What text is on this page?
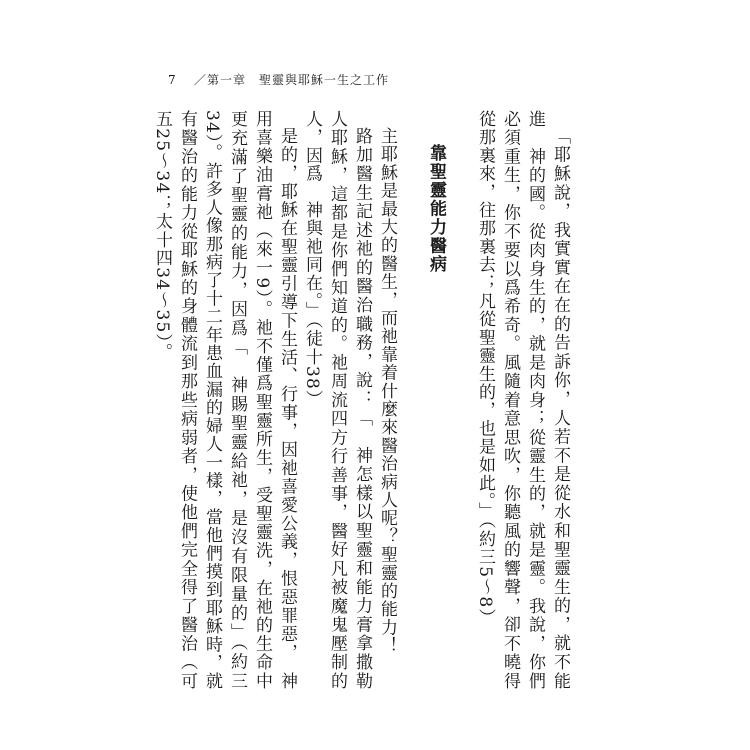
7 ／第一章　聖靈與耶穌一生之工作

「耶穌說，我實實在在的告訴你，人若不是從水和聖靈生的，就不能進　神的國。從肉身生的，就是肉身；從靈生的，就是靈。我說，你們必須重生，你不要以爲希奇。風隨着意思吹，你聽風的響聲，卻不曉得從那裏來，往那裏去；凡從聖靈生的，也是如此。」（約三5～8）

靠聖靈能力醫病

主耶穌是最大的醫生，而祂靠着什麼來醫治病人呢？聖靈的能力！

路加醫生記述祂的醫治職務，說：「　神怎樣以聖靈和能力膏拿撒勒人耶穌，這都是你們知道的。祂周流四方行善事，醫好凡被魔鬼壓制的人，因爲　神與祂同在。」（徒十38）

是的，耶穌在聖靈引導下生活、行事，因祂喜愛公義，恨惡罪惡，　神用喜樂油膏祂（來一9）。祂不僅爲聖靈所生，受聖靈洗，在祂的生命中更充滿了聖靈的能力，因爲「　神賜聖靈給祂，是沒有限量的」（約三34）。許多人像那病了十二年患血漏的婦人一樣，當他們摸到耶穌時，就有醫治的能力從耶穌的身體流到那些病弱者，使他們完全得了醫治（可五25～34；太十四34～35）。
